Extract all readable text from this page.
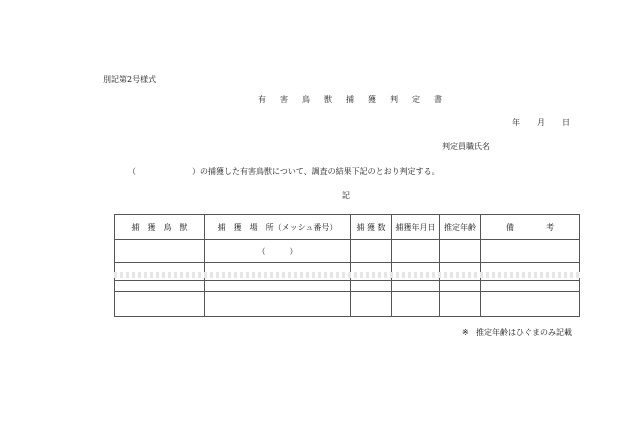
別記第2号様式
有 害 鳥 獣 捕 獲 判 定 書
年 月 日
判定員職氏名
（	）の捕獲した有害鳥獣について、調査の結果下記のとおり判定する。
記
捕　獲　鳥　獣	捕　獲　場　所（メッシュ番号）	捕 獲 数	捕獲年月日	推定年齢	備　　　　考
	（　　　）				

※ 推定年齢はひぐまのみ記載
